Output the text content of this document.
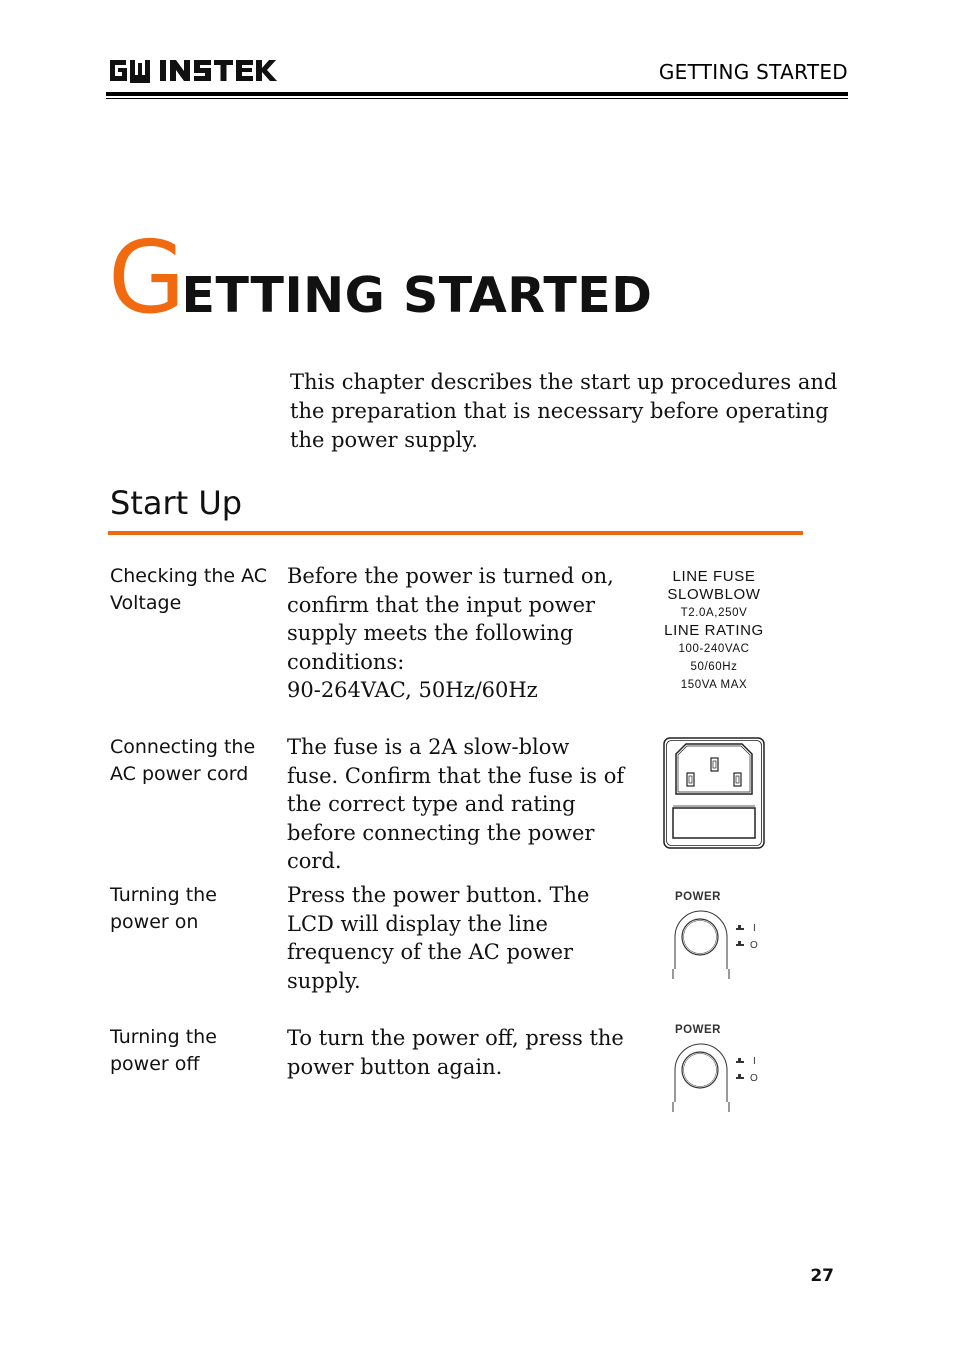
GETTING STARTED
GETTING STARTED
This chapter describes the start up procedures and the preparation that is necessary before operating the power supply.
Start Up
Checking the AC Voltage
Before the power is turned on,
confirm that the input power
supply meets the following
conditions:
90-264VAC, 50Hz/60Hz
LINE FUSE
SLOWBLOW
T2.0A,250V
LINE RATING
100-240VAC
50/60Hz
150VA MAX
Connecting the AC power cord
The fuse is a 2A slow-blow fuse. Confirm that the fuse is of the correct type and rating before connecting the power cord.
Turning the power on
Press the power button. The LCD will display the line frequency of the AC power supply.
POWER
I
O
Turning the power off
To turn the power off, press the power button again.
POWER
I
O
27
